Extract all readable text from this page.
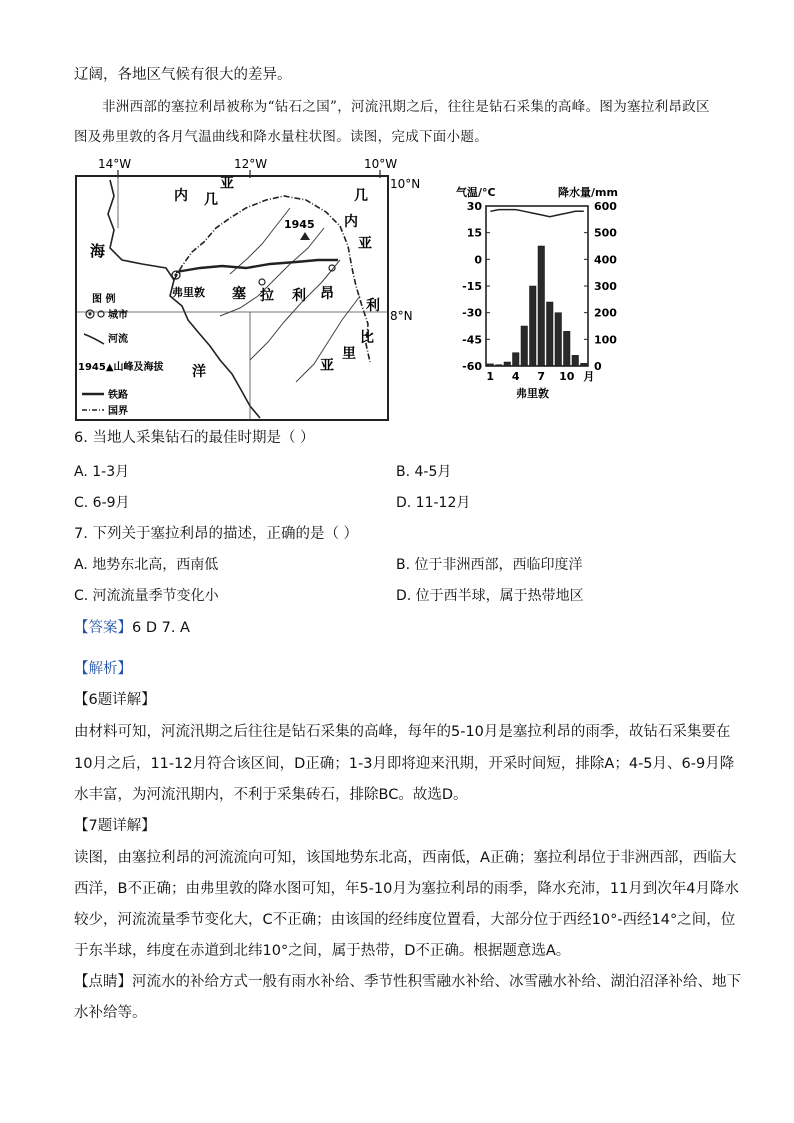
辽阔，各地区气候有很大的差异。
非洲西部的塞拉利昂被称为“钻石之国”，河流汛期之后，往往是钻石采集的高峰。图为塞拉利昂政区
图及弗里敦的各月气温曲线和降水量柱状图。读图，完成下面小题。
14°W	12°W	10°W
10°N
8°N
1945
弗里敦
几
内
亚
几
内
亚
海
塞 拉 利 昂
利
比
里
亚
洋
图 例
城市
河流
1945▲山峰及海拔
铁路
国界
气温/°C	降水量/mm
30
15
0
-15
-30
-45
-60
600
500
400
300
200
100
0
1 4 7 10 月
弗里敦
6. 当地人采集钻石的最佳时期是（ ）
A. 1-3月	B. 4-5月
C. 6-9月	D. 11-12月
7. 下列关于塞拉利昂的描述，正确的是（ ）
A. 地势东北高，西南低	B. 位于非洲西部，西临印度洋
C. 河流流量季节变化小	D. 位于西半球，属于热带地区
【答案】6 D 7. A
【解析】
【6题详解】
由材料可知，河流汛期之后往往是钻石采集的高峰，每年的5-10月是塞拉利昂的雨季，故钻石采集要在
10月之后，11-12月符合该区间，D正确；1-3月即将迎来汛期，开采时间短，排除A；4-5月、6-9月降
水丰富，为河流汛期内，不利于采集砖石，排除BC。故选D。
【7题详解】
读图，由塞拉利昂的河流流向可知，该国地势东北高，西南低，A正确；塞拉利昂位于非洲西部，西临大
西洋，B不正确；由弗里敦的降水图可知，年5-10月为塞拉利昂的雨季，降水充沛，11月到次年4月降水
较少，河流流量季节变化大，C不正确；由该国的经纬度位置看，大部分位于西经10°-西经14°之间，位
于东半球，纬度在赤道到北纬10°之间，属于热带，D不正确。根据题意选A。
【点睛】河流水的补给方式一般有雨水补给、季节性积雪融水补给、冰雪融水补给、湖泊沼泽补给、地下
水补给等。
